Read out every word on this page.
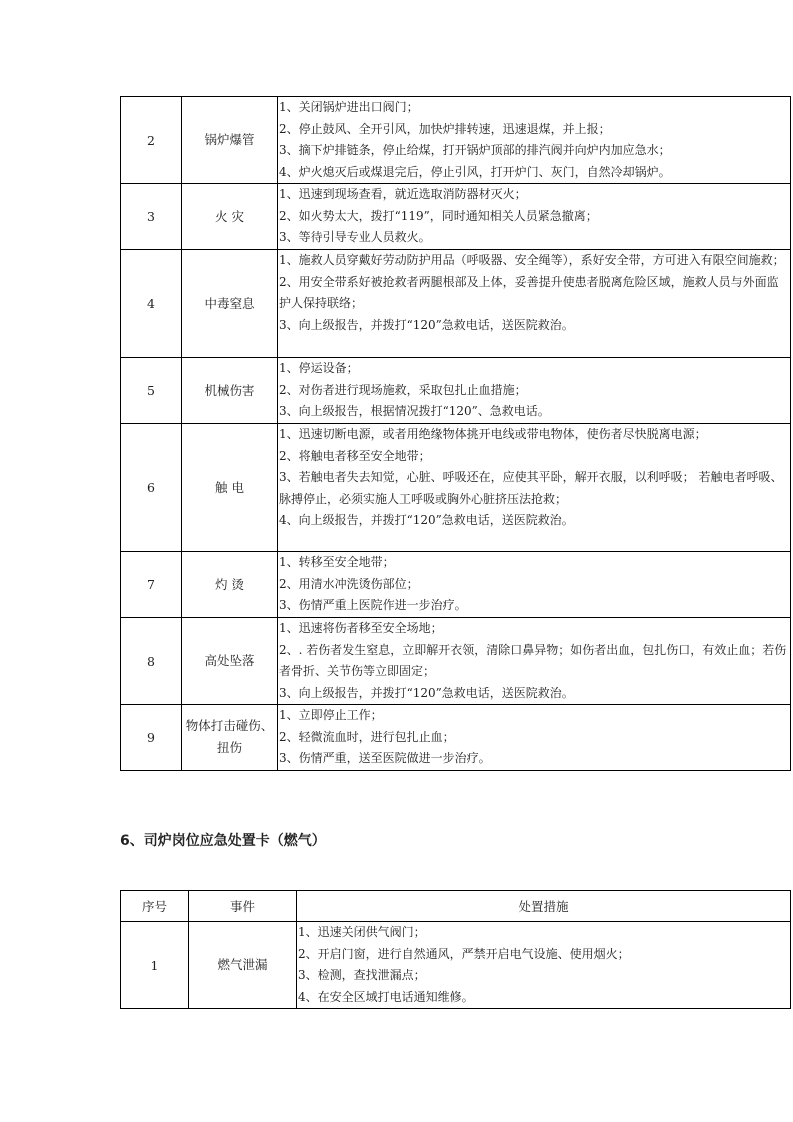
2	锅炉爆管	1、关闭锅炉进出口阀门；
2、停止鼓风、全开引风，加快炉排转速，迅速退煤，并上报；
3、摘下炉排链条，停止给煤，打开锅炉顶部的排汽阀并向炉内加应急水；
4、炉火熄灭后或煤退完后，停止引风，打开炉门、灰门，自然冷却锅炉。

3	火 灾	1、迅速到现场查看，就近选取消防器材灭火；
2、如火势太大，拨打“119”，同时通知相关人员紧急撤离；
3、等待引导专业人员救火。

4	中毒窒息	1、施救人员穿戴好劳动防护用品（呼吸器、安全绳等），系好安全带，方可进入有限空间施救；
2、用安全带系好被抢救者两腿根部及上体，妥善提升使患者脱离危险区域，施救人员与外面监护人保持联络；
3、向上级报告，并拨打“120”急救电话，送医院救治。

5	机械伤害	1、停运设备；
2、对伤者进行现场施救，采取包扎止血措施；
3、向上级报告，根据情况拨打“120”、急救电话。

6	触 电	1、迅速切断电源，或者用绝缘物体挑开电线或带电物体，使伤者尽快脱离电源；
2、将触电者移至安全地带；
3、若触电者失去知觉，心脏、呼吸还在，应使其平卧，解开衣服，以利呼吸； 若触电者呼吸、脉搏停止，必须实施人工呼吸或胸外心脏挤压法抢救；
4、向上级报告，并拨打“120”急救电话，送医院救治。

7	灼 烫	1、转移至安全地带；
2、用清水冲洗烫伤部位；
3、伤情严重上医院作进一步治疗。

8	高处坠落	1、迅速将伤者移至安全场地；
2、. 若伤者发生窒息，立即解开衣领，清除口鼻异物；如伤者出血，包扎伤口，有效止血；若伤者骨折、关节伤等立即固定；
3、向上级报告，并拨打“120”急救电话，送医院救治。

9	物体打击碰伤、扭伤	1、立即停止工作；
2、轻微流血时，进行包扎止血；
3、伤情严重，送至医院做进一步治疗。
6、司炉岗位应急处置卡（燃气）
序号	事件	处置措施
1	燃气泄漏	1、迅速关闭供气阀门；
2、开启门窗，进行自然通风，严禁开启电气设施、使用烟火；
3、检测，查找泄漏点；
4、在安全区域打电话通知维修。
